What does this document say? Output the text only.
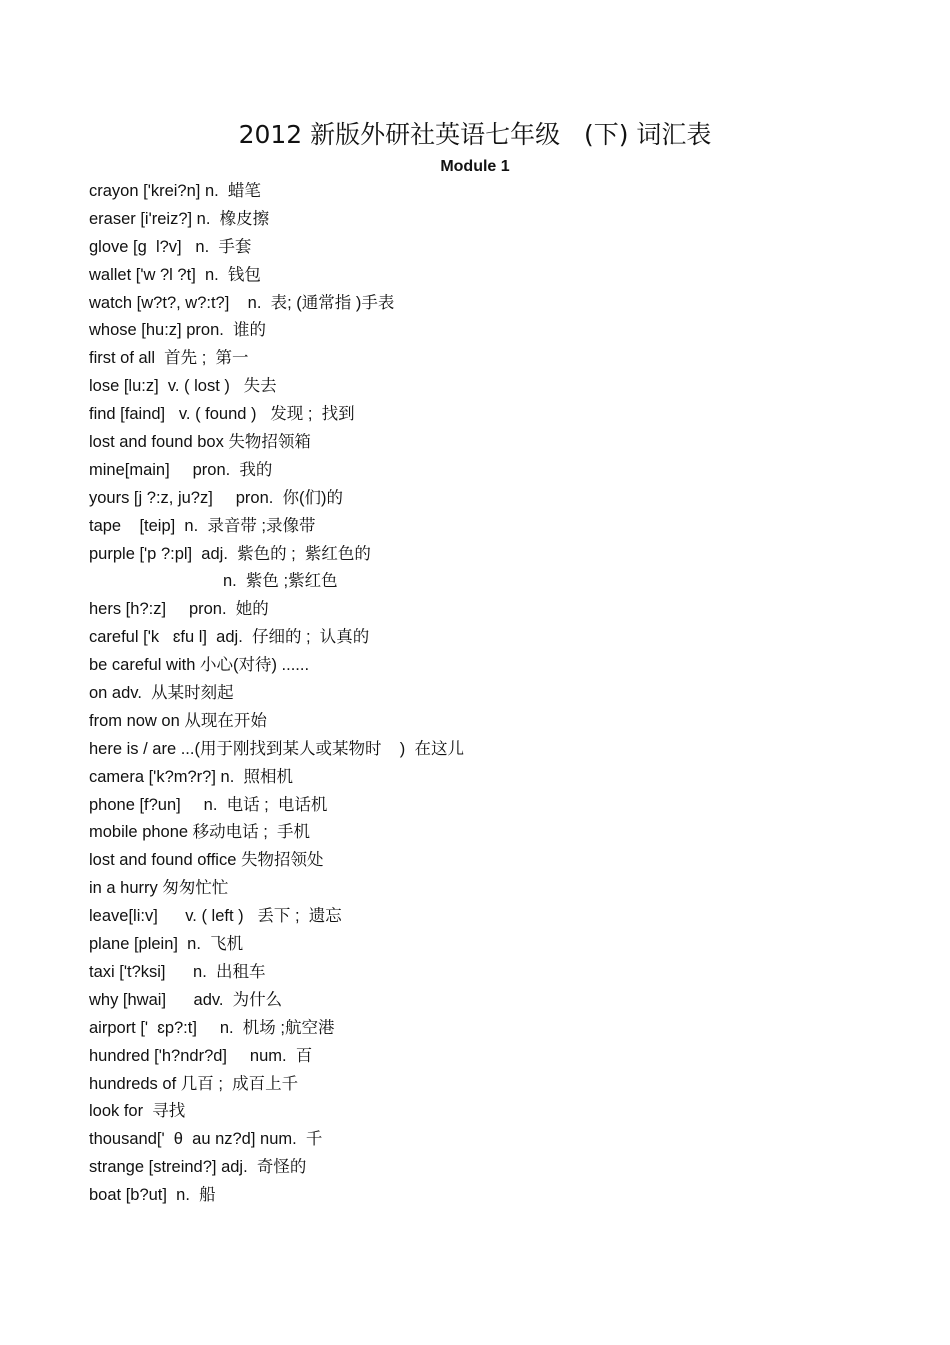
2012 新版外研社英语七年级   (下) 词汇表
Module 1
crayon ['krei?n] n.  蜡笔
eraser [i'reiz?] n.  橡皮擦
glove [ɡ  l?v]   n.  手套
wallet ['w ?l ?t]  n.  钱包
watch [w?t?, w?:t?]    n.  表; (通常指 )手表
whose [hu:z] pron.  谁的
first of all  首先 ;  第一
lose [lu:z]  v. ( lost )   失去
find [faind]   v. ( found )   发现 ;  找到
lost and found box 失物招领箱
mine[main]     pron.  我的
yours [j ?:z, ju?z]     pron.  你(们)的
tape    [teip]  n.  录音带 ;录像带
purple ['p ?:pl]  adj.  紫色的 ;  紫红色的
n.  紫色 ;紫红色
hers [h?:z]     pron.  她的
careful ['k   ɛfu l]  adj.  仔细的 ;  认真的
be careful with 小心(对待) ......
on adv.  从某时刻起
from now on 从现在开始
here is / are ...(用于刚找到某人或某物时    )  在这儿
camera ['k?m?r?] n.  照相机
phone [f?un]     n.  电话 ;  电话机
mobile phone 移动电话 ;  手机
lost and found office 失物招领处
in a hurry 匆匆忙忙
leave[li:v]      v. ( left )   丢下 ;  遗忘
plane [plein]  n.  飞机
taxi ['t?ksi]      n.  出租车
why [hwai]      adv.  为什么
airport ['  ɛp?:t]     n.  机场 ;航空港
hundred ['h?ndr?d]     num.  百
hundreds of 几百 ;  成百上千
look for  寻找
thousand['  θ  au nz?d] num.  千
strange [streind?] adj.  奇怪的
boat [b?ut]  n.  船
